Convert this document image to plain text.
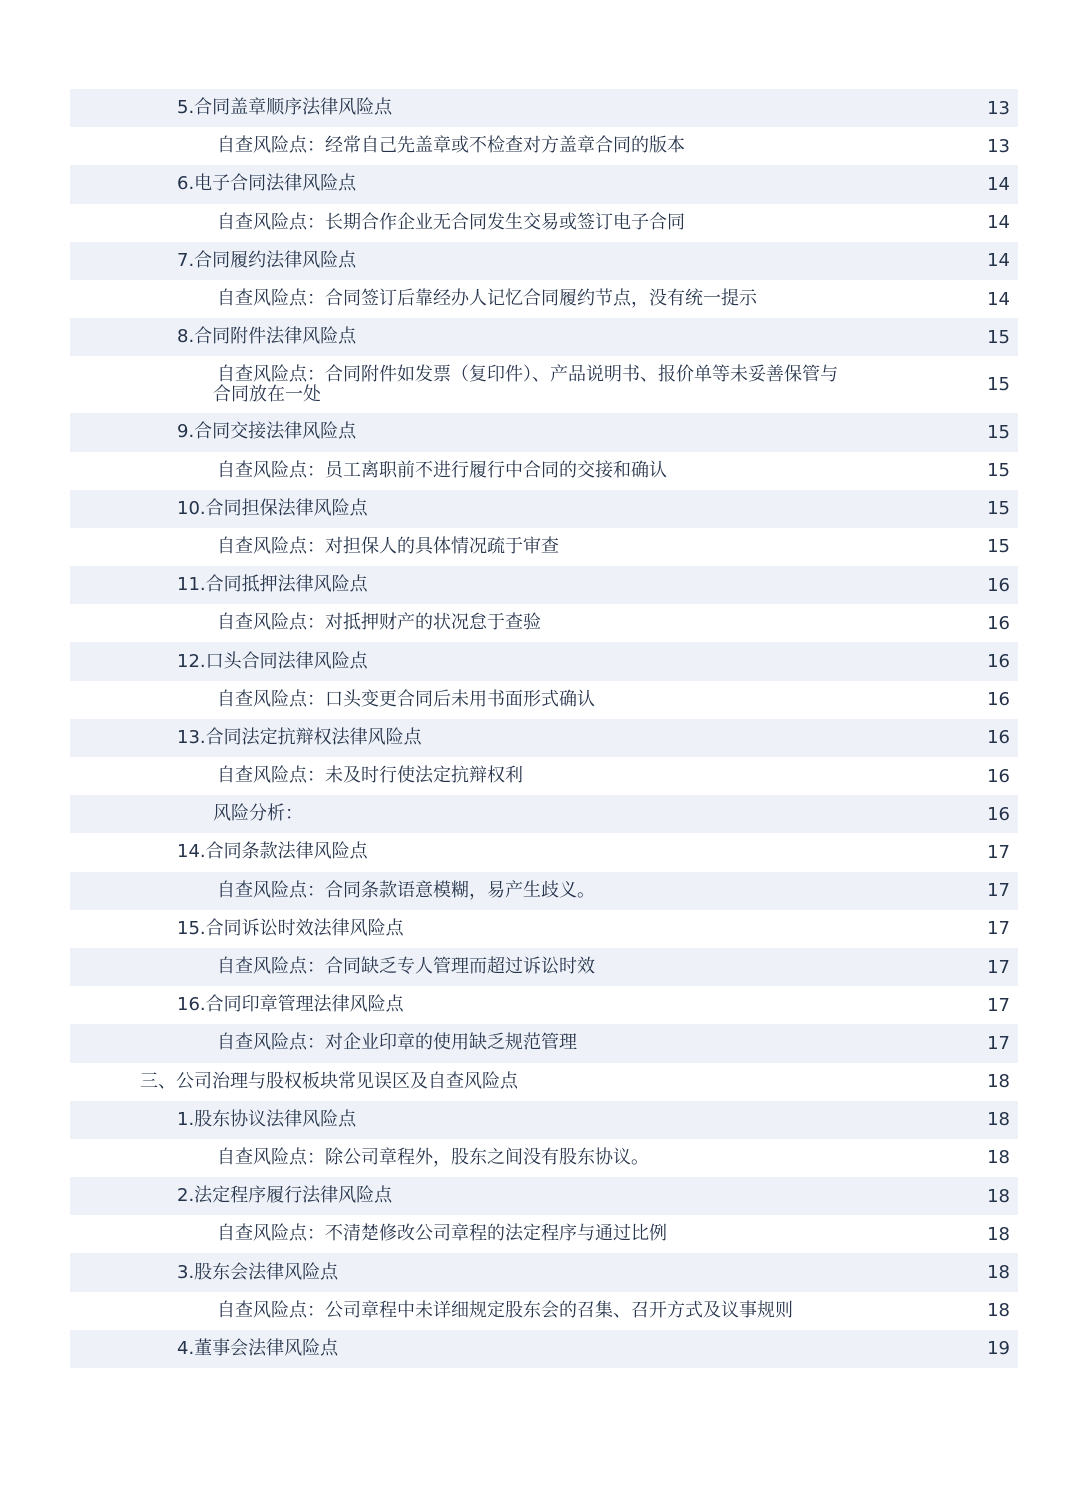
5.合同盖章顺序法律风险点	13
自查风险点：经常自己先盖章或不检查对方盖章合同的版本	13
6.电子合同法律风险点	14
自查风险点：长期合作企业无合同发生交易或签订电子合同	14
7.合同履约法律风险点	14
自查风险点：合同签订后靠经办人记忆合同履约节点，没有统一提示	14
8.合同附件法律风险点	15
自查风险点：合同附件如发票（复印件）、产品说明书、报价单等未妥善保管与合同放在一处	15
9.合同交接法律风险点	15
自查风险点：员工离职前不进行履行中合同的交接和确认	15
10.合同担保法律风险点	15
自查风险点：对担保人的具体情况疏于审查	15
11.合同抵押法律风险点	16
自查风险点：对抵押财产的状况怠于查验	16
12.口头合同法律风险点	16
自查风险点：口头变更合同后未用书面形式确认	16
13.合同法定抗辩权法律风险点	16
自查风险点：未及时行使法定抗辩权利	16
风险分析：	16
14.合同条款法律风险点	17
自查风险点：合同条款语意模糊，易产生歧义。	17
15.合同诉讼时效法律风险点	17
自查风险点：合同缺乏专人管理而超过诉讼时效	17
16.合同印章管理法律风险点	17
自查风险点：对企业印章的使用缺乏规范管理	17
三、公司治理与股权板块常见误区及自查风险点	18
1.股东协议法律风险点	18
自查风险点：除公司章程外，股东之间没有股东协议。	18
2.法定程序履行法律风险点	18
自查风险点：不清楚修改公司章程的法定程序与通过比例	18
3.股东会法律风险点	18
自查风险点：公司章程中未详细规定股东会的召集、召开方式及议事规则	18
4.董事会法律风险点	19
